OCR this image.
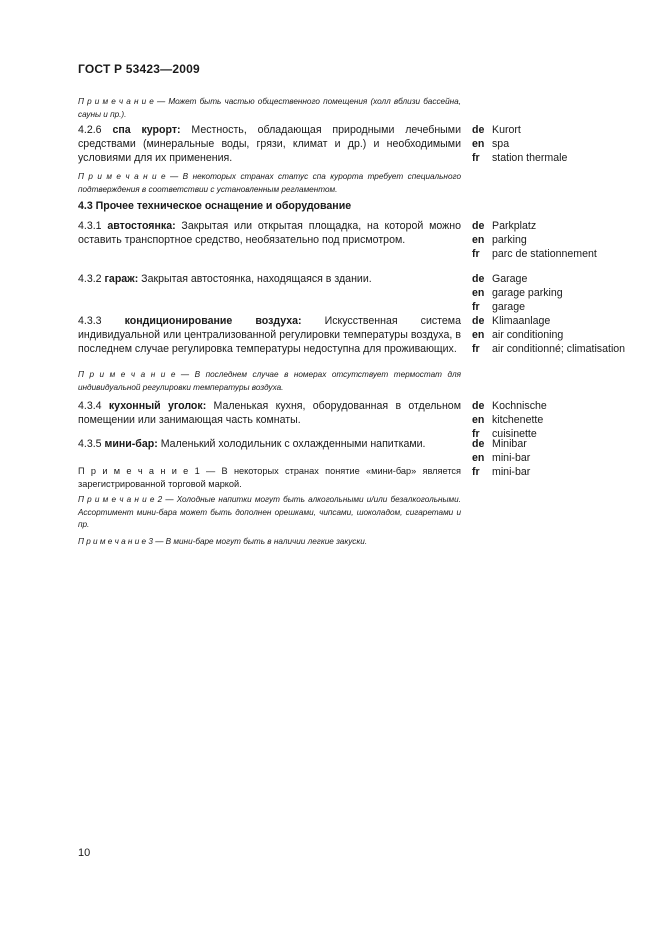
ГОСТ Р 53423—2009
П р и м е ч а н и е — Может быть частью общественного помещения (холл вблизи бассейна, сауны и пр.).
4.2.6 спа курорт: Местность, обладающая природными лечебными средствами (минеральные воды, грязи, климат и др.) и необходимыми условиями для их применения.
de Kurort
en spa
fr	station thermale
П р и м е ч а н и е — В некоторых странах статус спа курорта требует специального подтверждения в соответствии с установленным регламентом.
4.3 Прочее техническое оснащение и оборудование
4.3.1 автостоянка: Закрытая или открытая площадка, на которой можно оставить транспортное средство, необязательно под присмотром.
de Parkplatz
en parking
fr	parc de stationnement
4.3.2 гараж: Закрытая автостоянка, находящаяся в здании.	de Garage
en garage parking
fr	garage
4.3.3 кондиционирование воздуха: Искусственная система индивидуальной или централизованной регулировки температуры воздуха, в последнем случае регулировка температуры недоступна для проживающих.
de Klimaanlage
en air conditioning
fr	air conditionné; climatisation
П р и м е ч а н и е — В последнем случае в номерах отсутствует термостат для индивидуальной регулировки температуры воздуха.
4.3.4 кухонный уголок: Маленькая кухня, оборудованная в отдельном помещении или занимающая часть комнаты.
de Kochnische
en kitchenette
fr	cuisinette
4.3.5 мини-бар: Маленький холодильник с охлажденными напитками.	de Minibar
en mini-bar
fr	mini-bar
П р и м е ч а н и е 1 — В некоторых странах понятие «мини-бар» является зарегистрированной торговой маркой.
П р и м е ч а н и е 2 — Холодные напитки могут быть алкогольными и/или безалкогольными. Ассортимент мини-бара может быть дополнен орешками, чипсами, шоколадом, сигаретами и пр.
П р и м е ч а н и е 3 — В мини-баре могут быть в наличии легкие закуски.
10
